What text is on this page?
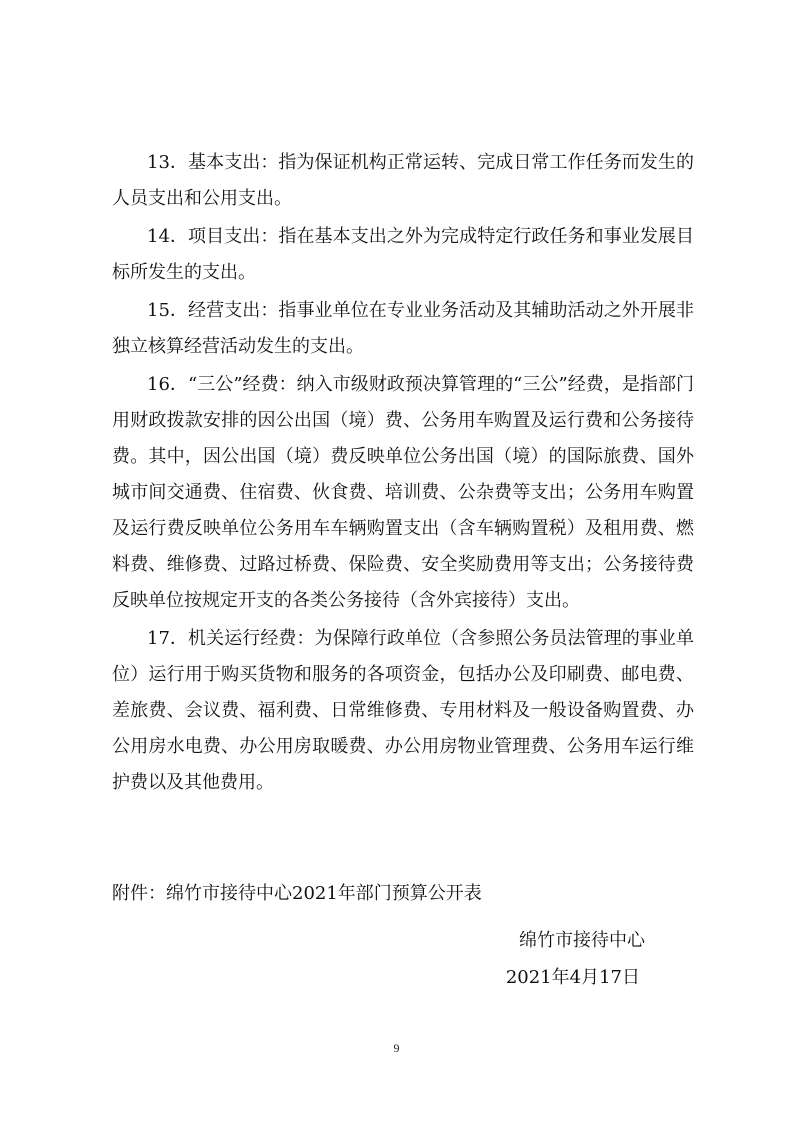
13．基本支出：指为保证机构正常运转、完成日常工作任务而发生的人员支出和公用支出。

14．项目支出：指在基本支出之外为完成特定行政任务和事业发展目标所发生的支出。

15．经营支出：指事业单位在专业业务活动及其辅助活动之外开展非独立核算经营活动发生的支出。

16．“三公”经费：纳入市级财政预决算管理的“三公”经费，是指部门用财政拨款安排的因公出国（境）费、公务用车购置及运行费和公务接待费。其中，因公出国（境）费反映单位公务出国（境）的国际旅费、国外城市间交通费、住宿费、伙食费、培训费、公杂费等支出；公务用车购置及运行费反映单位公务用车车辆购置支出（含车辆购置税）及租用费、燃料费、维修费、过路过桥费、保险费、安全奖励费用等支出；公务接待费反映单位按规定开支的各类公务接待（含外宾接待）支出。

17．机关运行经费：为保障行政单位（含参照公务员法管理的事业单位）运行用于购买货物和服务的各项资金，包括办公及印刷费、邮电费、差旅费、会议费、福利费、日常维修费、专用材料及一般设备购置费、办公用房水电费、办公用房取暖费、办公用房物业管理费、公务用车运行维护费以及其他费用。

附件：绵竹市接待中心2021年部门预算公开表

绵竹市接待中心
2021年4月17日
9
